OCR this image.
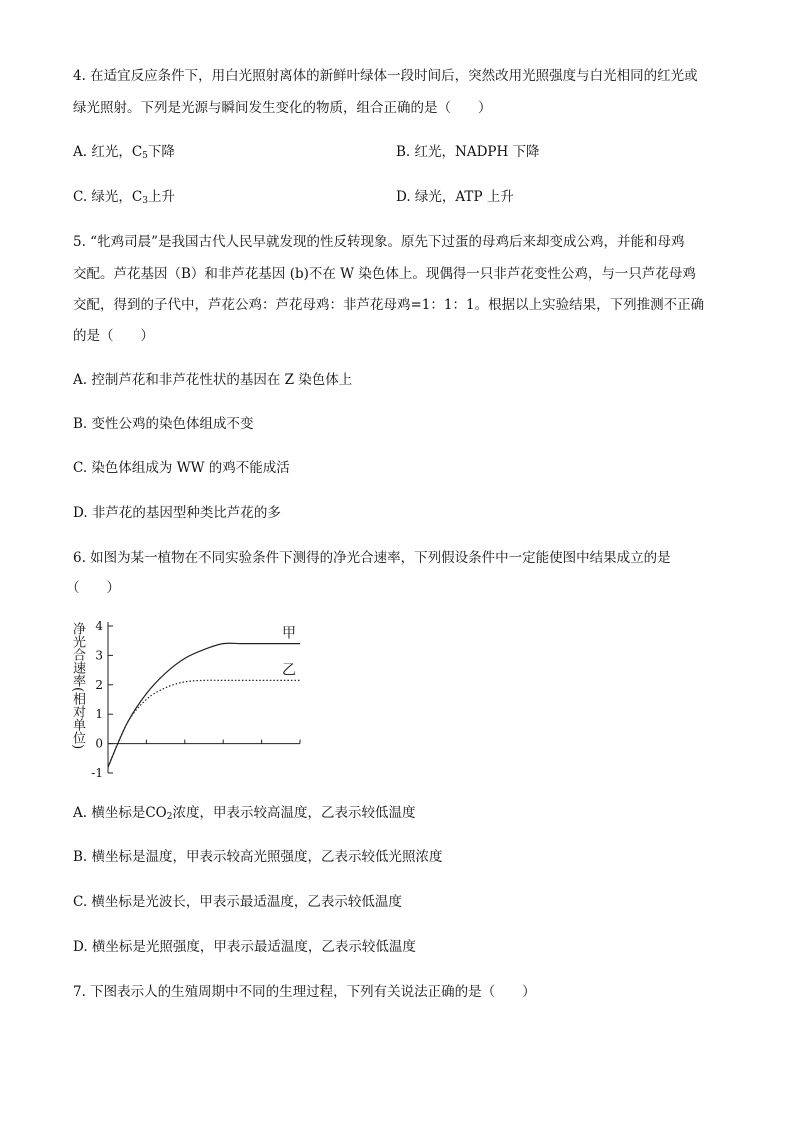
4. 在适宜反应条件下，用白光照射离体的新鲜叶绿体一段时间后，突然改用光照强度与白光相同的红光或
绿光照射。下列是光源与瞬间发生变化的物质，组合正确的是（　　）
A. 红光，$C_5$下降	B. 红光，NADPH 下降
C. 绿光，$C_3$上升	D. 绿光，ATP 上升
5. “牝鸡司晨”是我国古代人民早就发现的性反转现象。原先下过蛋的母鸡后来却变成公鸡，并能和母鸡
交配。芦花基因（B）和非芦花基因 (b)不在 W 染色体上。现偶得一只非芦花变性公鸡，与一只芦花母鸡
交配，得到的子代中，芦花公鸡：芦花母鸡：非芦花母鸡=1：1：1。根据以上实验结果，下列推测不正确
的是（　　）
A. 控制芦花和非芦花性状的基因在 Z 染色体上
B. 变性公鸡的染色体组成不变
C. 染色体组成为 WW 的鸡不能成活
D. 非芦花的基因型种类比芦花的多
6. 如图为某一植物在不同实验条件下测得的净光合速率，下列假设条件中一定能使图中结果成立的是
（　　）
净光合速率(相对单位) 4
3
2
1
0
-1
甲
乙
A. 横坐标是$CO_2$浓度，甲表示较高温度，乙表示较低温度
B. 横坐标是温度，甲表示较高光照强度，乙表示较低光照浓度
C. 横坐标是光波长，甲表示最适温度，乙表示较低温度
D. 横坐标是光照强度，甲表示最适温度，乙表示较低温度
7. 下图表示人的生殖周期中不同的生理过程，下列有关说法正确的是（　　）
